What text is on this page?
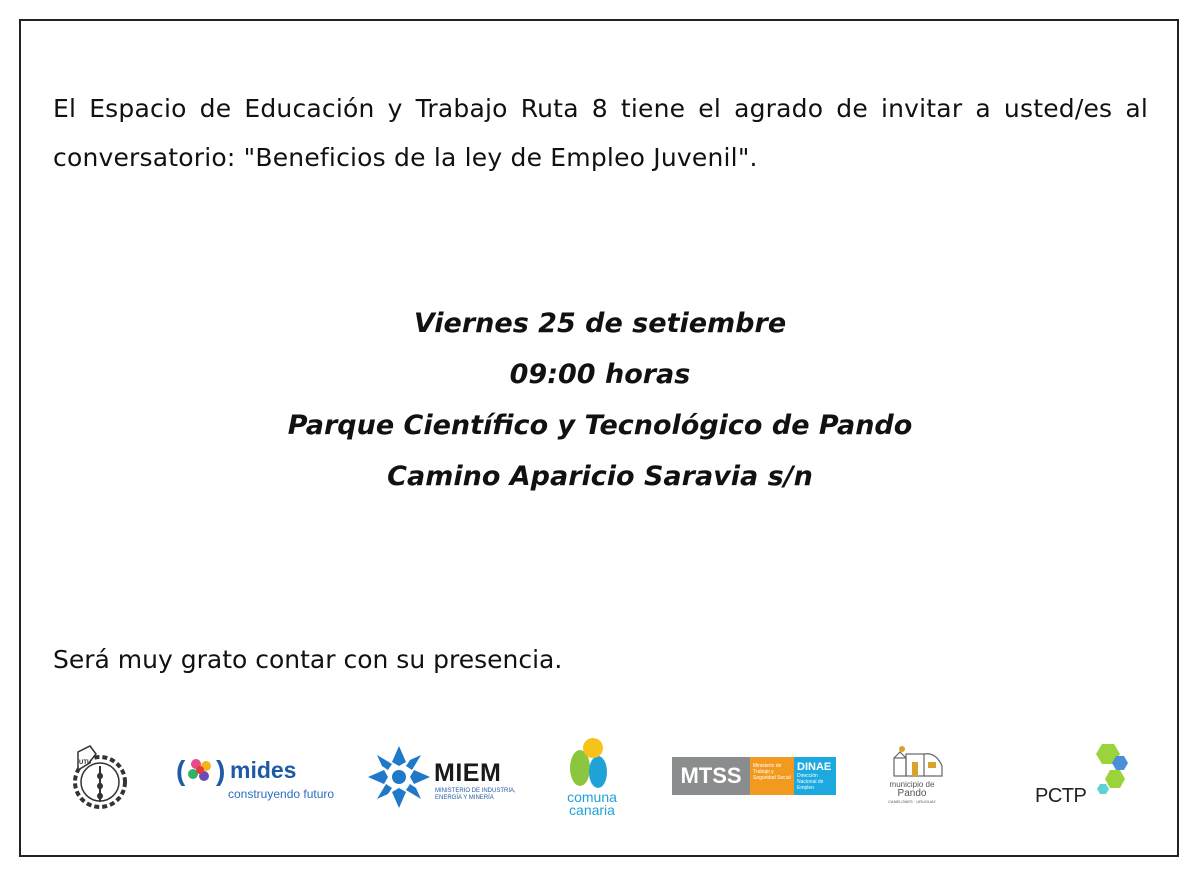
El Espacio de Educación y Trabajo Ruta 8 tiene el agrado de invitar a usted/es al conversatorio: "Beneficios de la ley de Empleo Juvenil".
Viernes 25 de setiembre
09:00 horas
Parque Científico y Tecnológico de Pando
Camino Aparicio Saravia s/n
Será muy grato contar con su presencia.
UTU	( ) mides
construyendo futuro
MIEM
MINISTERIO DE INDUSTRIA,
ENERGÍA Y MINERÍA	comuna
canaria
MTSS	Ministerio de Trabajo y Seguridad Social
DINAE
Dirección Nacional de Empleo	municipio de
Pando
CANELONES · URUGUAY	PCTP
